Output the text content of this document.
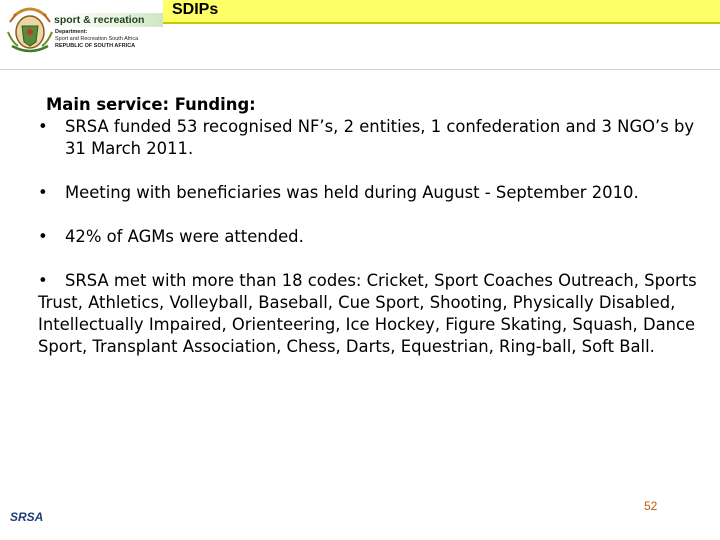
sport & recreation
Department:
Sport and Recreation South Africa
REPUBLIC OF SOUTH AFRICA
SDIPs

Main service: Funding:

• SRSA funded 53 recognised NF’s, 2 entities, 1 confederation and 3 NGO’s by 31 March 2011.

• Meeting with beneficiaries was held during August - September 2010.

• 42% of AGMs were attended.

• SRSA met with more than 18 codes: Cricket, Sport Coaches Outreach, Sports Trust, Athletics, Volleyball, Baseball, Cue Sport, Shooting, Physically Disabled, Intellectually Impaired, Orienteering, Ice Hockey, Figure Skating, Squash, Dance Sport, Transplant Association, Chess, Darts, Equestrian, Ring-ball, Soft Ball.

52
SRSA
